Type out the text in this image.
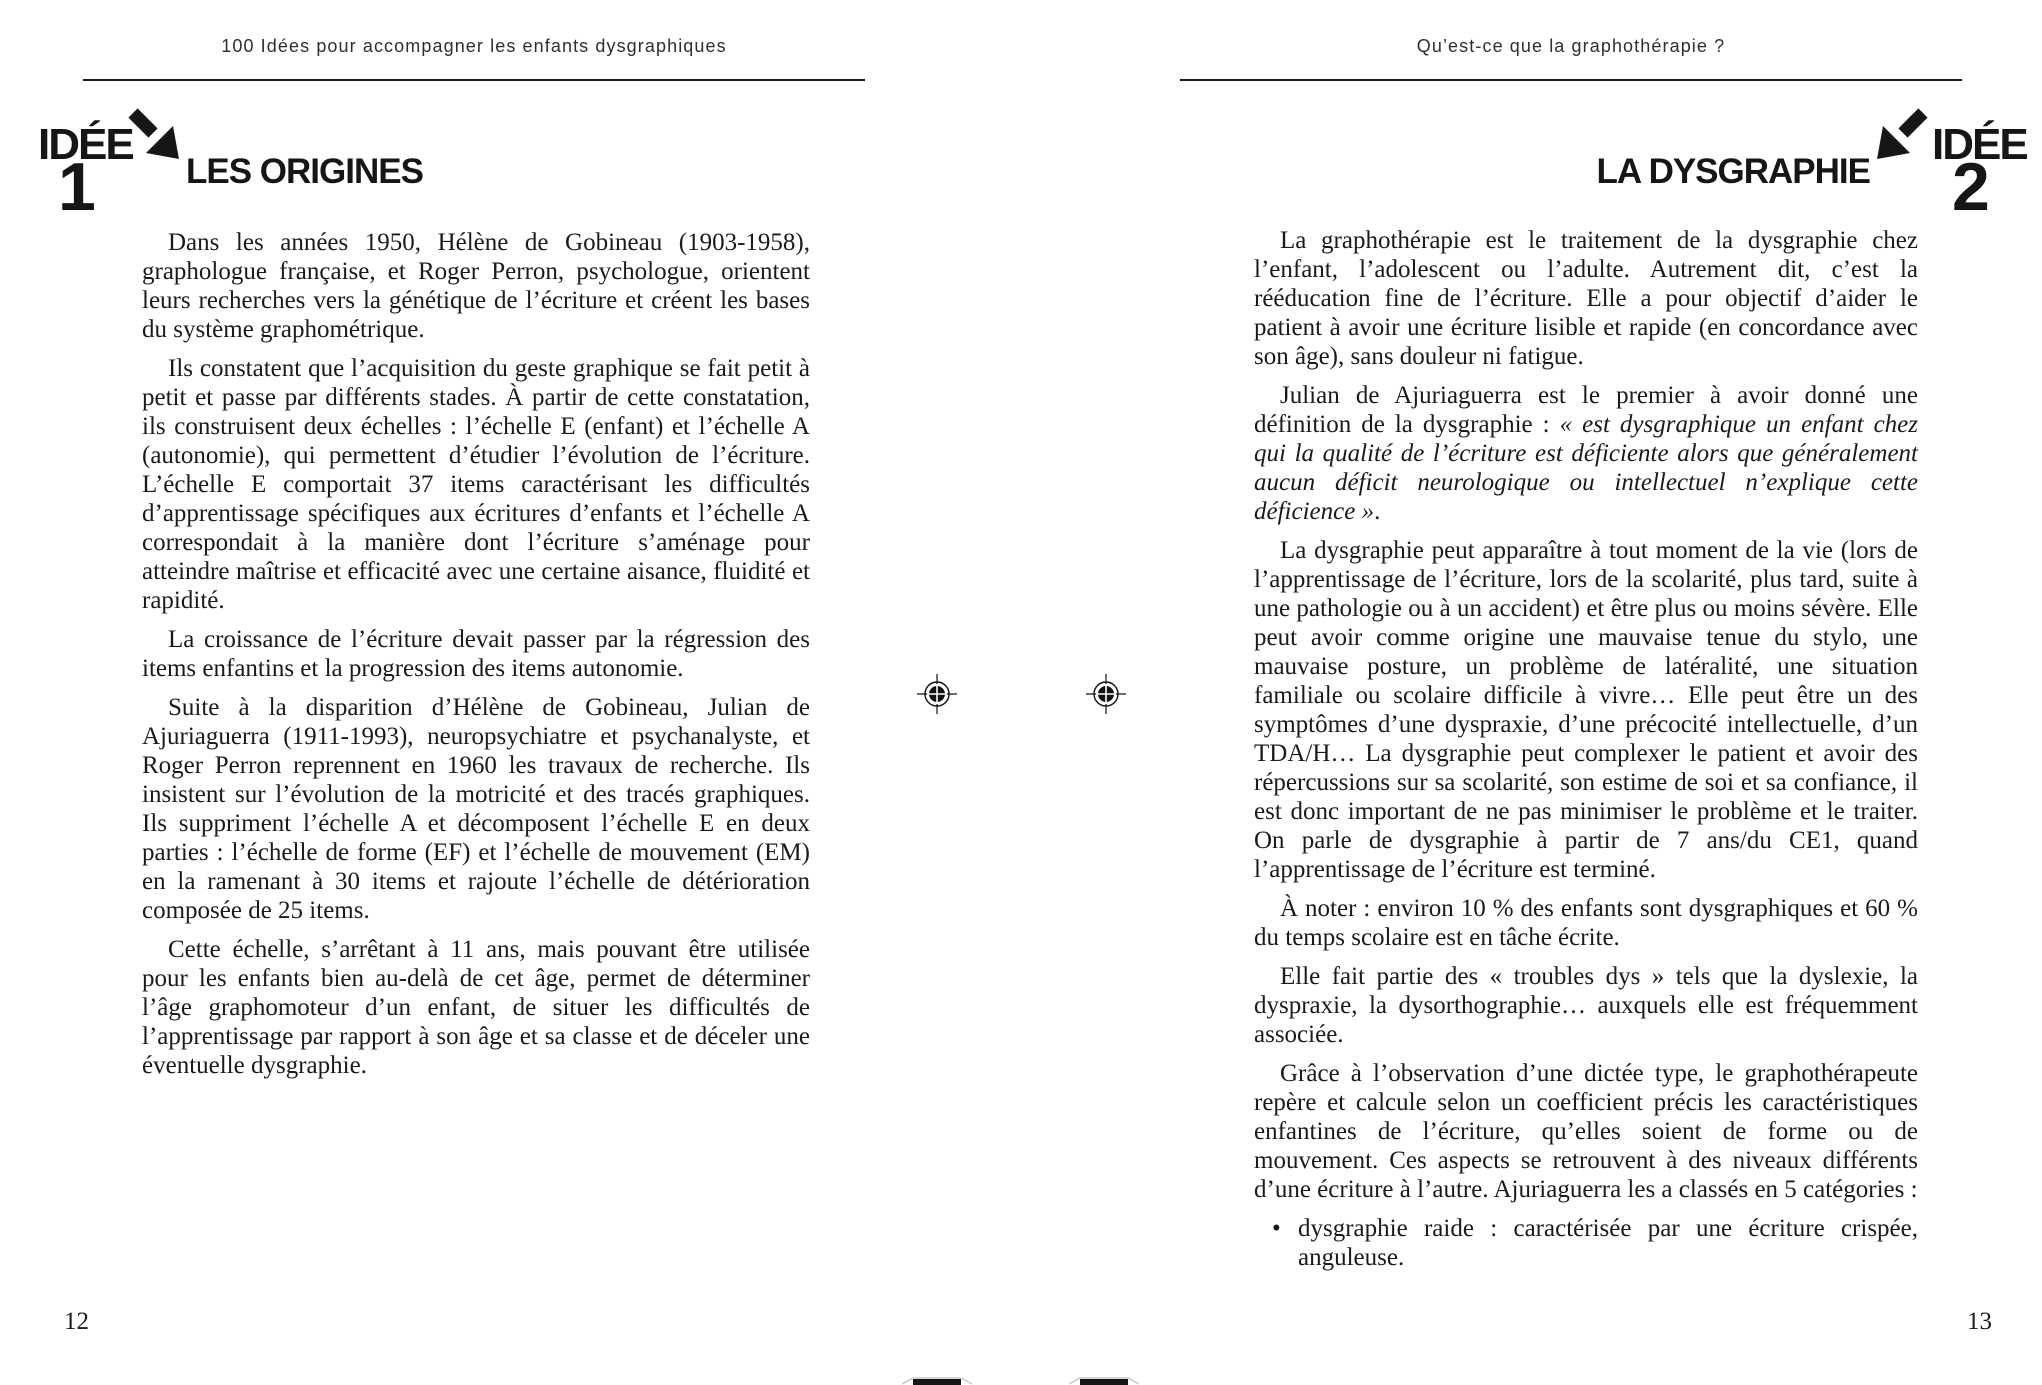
100 Idées pour accompagner les enfants dysgraphiques	Qu’est-ce que la graphothérapie ?
IDÉE
1	LES ORIGINES	LA DYSGRAPHIE
IDÉE
2

Dans les années 1950, Hélène de Gobineau (1903-1958), graphologue française, et Roger Perron, psychologue, orientent leurs recherches vers la génétique de l’écriture et créent les bases du système graphométrique.

Ils constatent que l’acquisition du geste graphique se fait petit à petit et passe par différents stades. À partir de cette constatation, ils construisent deux échelles : l’échelle E (enfant) et l’échelle A (autonomie), qui permettent d’étudier l’évolution de l’écriture. L’échelle E comportait 37 items caractérisant les difficultés d’apprentissage spécifiques aux écritures d’enfants et l’échelle A correspondait à la manière dont l’écriture s’aménage pour atteindre maîtrise et efficacité avec une certaine aisance, fluidité et rapidité.

La croissance de l’écriture devait passer par la régression des items enfantins et la progression des items autonomie.

Suite à la disparition d’Hélène de Gobineau, Julian de Ajuriaguerra (1911-1993), neuropsychiatre et psychanalyste, et Roger Perron reprennent en 1960 les travaux de recherche. Ils insistent sur l’évolution de la motricité et des tracés graphiques. Ils suppriment l’échelle A et décomposent l’échelle E en deux parties : l’échelle de forme (EF) et l’échelle de mouvement (EM) en la ramenant à 30 items et rajoute l’échelle de détérioration composée de 25 items.

Cette échelle, s’arrêtant à 11 ans, mais pouvant être utilisée pour les enfants bien au-delà de cet âge, permet de déterminer l’âge graphomoteur d’un enfant, de situer les difficultés de l’apprentissage par rapport à son âge et sa classe et de déceler une éventuelle dysgraphie.

La graphothérapie est le traitement de la dysgraphie chez l’enfant, l’adolescent ou l’adulte. Autrement dit, c’est la rééducation fine de l’écriture. Elle a pour objectif d’aider le patient à avoir une écriture lisible et rapide (en concordance avec son âge), sans douleur ni fatigue.

Julian de Ajuriaguerra est le premier à avoir donné une définition de la dysgraphie : « est dysgraphique un enfant chez qui la qualité de l’écriture est déficiente alors que généralement aucun déficit neurologique ou intellectuel n’explique cette déficience ».

La dysgraphie peut apparaître à tout moment de la vie (lors de l’apprentissage de l’écriture, lors de la scolarité, plus tard, suite à une pathologie ou à un accident) et être plus ou moins sévère. Elle peut avoir comme origine une mauvaise tenue du stylo, une mauvaise posture, un problème de latéralité, une situation familiale ou scolaire difficile à vivre… Elle peut être un des symptômes d’une dyspraxie, d’une précocité intellectuelle, d’un TDA/H… La dysgraphie peut complexer le patient et avoir des répercussions sur sa scolarité, son estime de soi et sa confiance, il est donc important de ne pas minimiser le problème et le traiter. On parle de dysgraphie à partir de 7 ans/du CE1, quand l’apprentissage de l’écriture est terminé.

À noter : environ 10 % des enfants sont dysgraphiques et 60 % du temps scolaire est en tâche écrite.

Elle fait partie des « troubles dys » tels que la dyslexie, la dyspraxie, la dysorthographie… auxquels elle est fréquemment associée.

Grâce à l’observation d’une dictée type, le graphothérapeute repère et calcule selon un coefficient précis les caractéristiques enfantines de l’écriture, qu’elles soient de forme ou de mouvement. Ces aspects se retrouvent à des niveaux différents d’une écriture à l’autre. Ajuriaguerra les a classés en 5 catégories :

• dysgraphie raide : caractérisée par une écriture crispée, anguleuse.

12	13
